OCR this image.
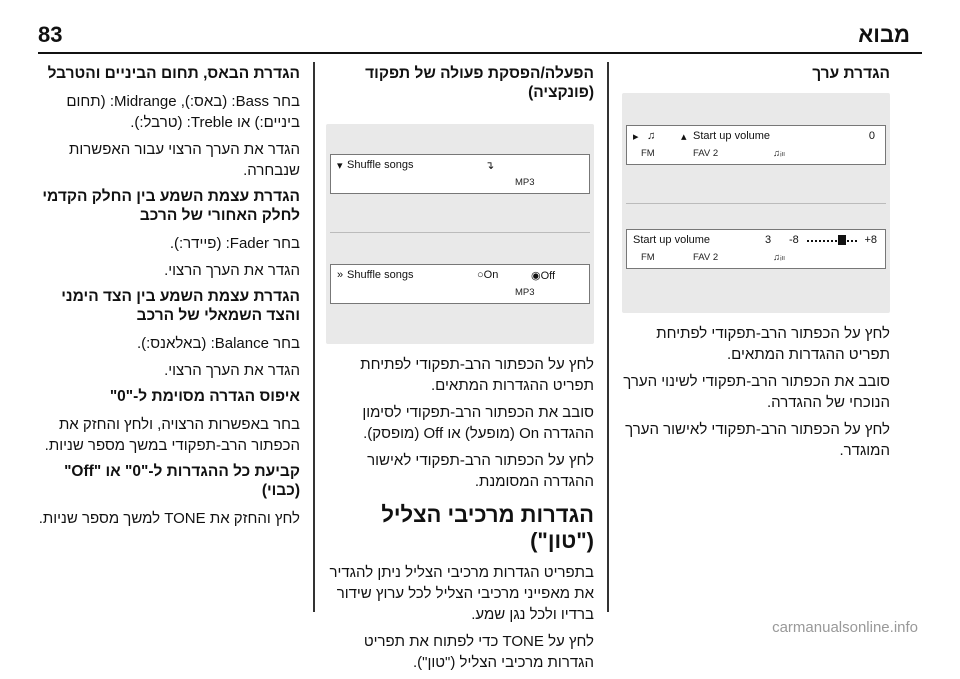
83	מבוא
הגדרת ערך
▸ ♫ ▴ Start up volume	0
FM	FAV 2	♫ᵢₗₗ
Start up volume	3 -8	+8
FM	FAV 2	♫ᵢₗₗ

לחץ על הכפתור הרב-תפקודי לפתיחת תפריט ההגדרות המתאים.

סובב את הכפתור הרב-תפקודי לשינוי הערך הנוכחי של ההגדרה.

לחץ על הכפתור הרב-תפקודי לאישור הערך המוגדר.

הפעלה/הפסקת פעולה של תפקוד (פונקציה)
▾ Shuffle songs	↴
MP3
» Shuffle songs	○On	◉Off
MP3

לחץ על הכפתור הרב-תפקודי לפתיחת תפריט ההגדרות המתאים.

סובב את הכפתור הרב-תפקודי לסימון ההגדרה On (מופעל) או Off (מופסק).

לחץ על הכפתור הרב-תפקודי לאישור ההגדרה המסומנת.

הגדרות מרכיבי הצליל ("טון")

בתפריט הגדרות מרכיבי הצליל ניתן להגדיר את מאפייני מרכיבי הצליל לכל ערוץ שידור ברדיו ולכל נגן שמע.

לחץ על TONE כדי לפתוח את תפריט הגדרות מרכיבי הצליל ("טון").

הגדרת הבאס, תחום הביניים והטרבל

בחר Bass: (באס:), Midrange: (תחום ביניים:) או Treble: (טרבל:).

הגדר את הערך הרצוי עבור האפשרות שנבחרה.

הגדרת עצמת השמע בין החלק הקדמי לחלק האחורי של הרכב

בחר Fader: (פיידר:).

הגדר את הערך הרצוי.

הגדרת עצמת השמע בין הצד הימני והצד השמאלי של הרכב

בחר Balance: (באלאנס:).

הגדר את הערך הרצוי.

איפוס הגדרה מסוימת ל-"0"

בחר באפשרות הרצויה, ולחץ והחזק את הכפתור הרב-תפקודי במשך מספר שניות.

קביעת כל ההגדרות ל-"0" או "Off" (כבוי)

לחץ והחזק את TONE למשך מספר שניות.

carmanualsonline.info
